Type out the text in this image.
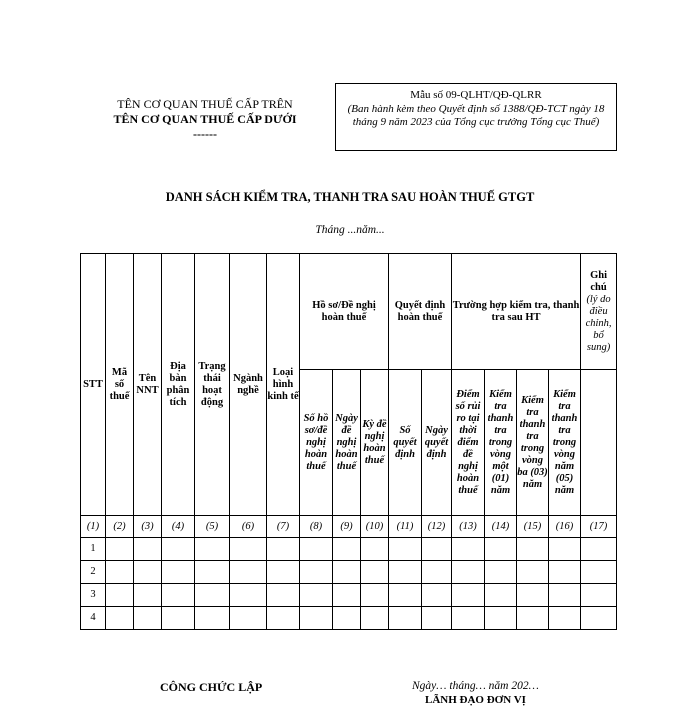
TÊN CƠ QUAN THUẾ CẤP TRÊN
TÊN CƠ QUAN THUẾ CẤP DƯỚI
------
Mẫu số 09-QLHT/QĐ-QLRR
(Ban hành kèm theo Quyết định số 1388/QĐ-TCT ngày 18 tháng 9 năm 2023 của Tổng cục trưởng Tổng cục Thuế)
DANH SÁCH KIỂM TRA, THANH TRA SAU HOÀN THUẾ GTGT
Tháng ...năm...
STT	Mã số thuế	Tên NNT	Địa bàn phân tích	Trạng thái hoạt động	Ngành nghề	Loại hình kinh tế	Hồ sơ/Đề nghị hoàn thuế			Quyết định hoàn thuế		Trường hợp kiểm tra, thanh tra sau HT				Ghi chú
(lý do điều chỉnh, bổ sung)

							Số hồ sơ/đề nghị hoàn thuế	Ngày đề nghị hoàn thuế	Kỳ đề nghị hoàn thuế	Số quyết định	Ngày quyết định	Điểm số rủi ro tại thời điểm đề nghị hoàn thuế	Kiểm tra thanh tra trong vòng một (01) năm	Kiểm tra thanh tra trong vòng ba (03) năm	Kiểm tra thanh tra trong vòng năm (05) năm	
(1)	(2)	(3)	(4)	(5)	(6)	(7)	(8)	(9)	(10)	(11)	(12)	(13)	(14)	(15)	(16)	(17)
1																
2																
3																
4																
CÔNG CHỨC LẬP	Ngày… tháng… năm 202…
LÃNH ĐẠO ĐƠN VỊ
